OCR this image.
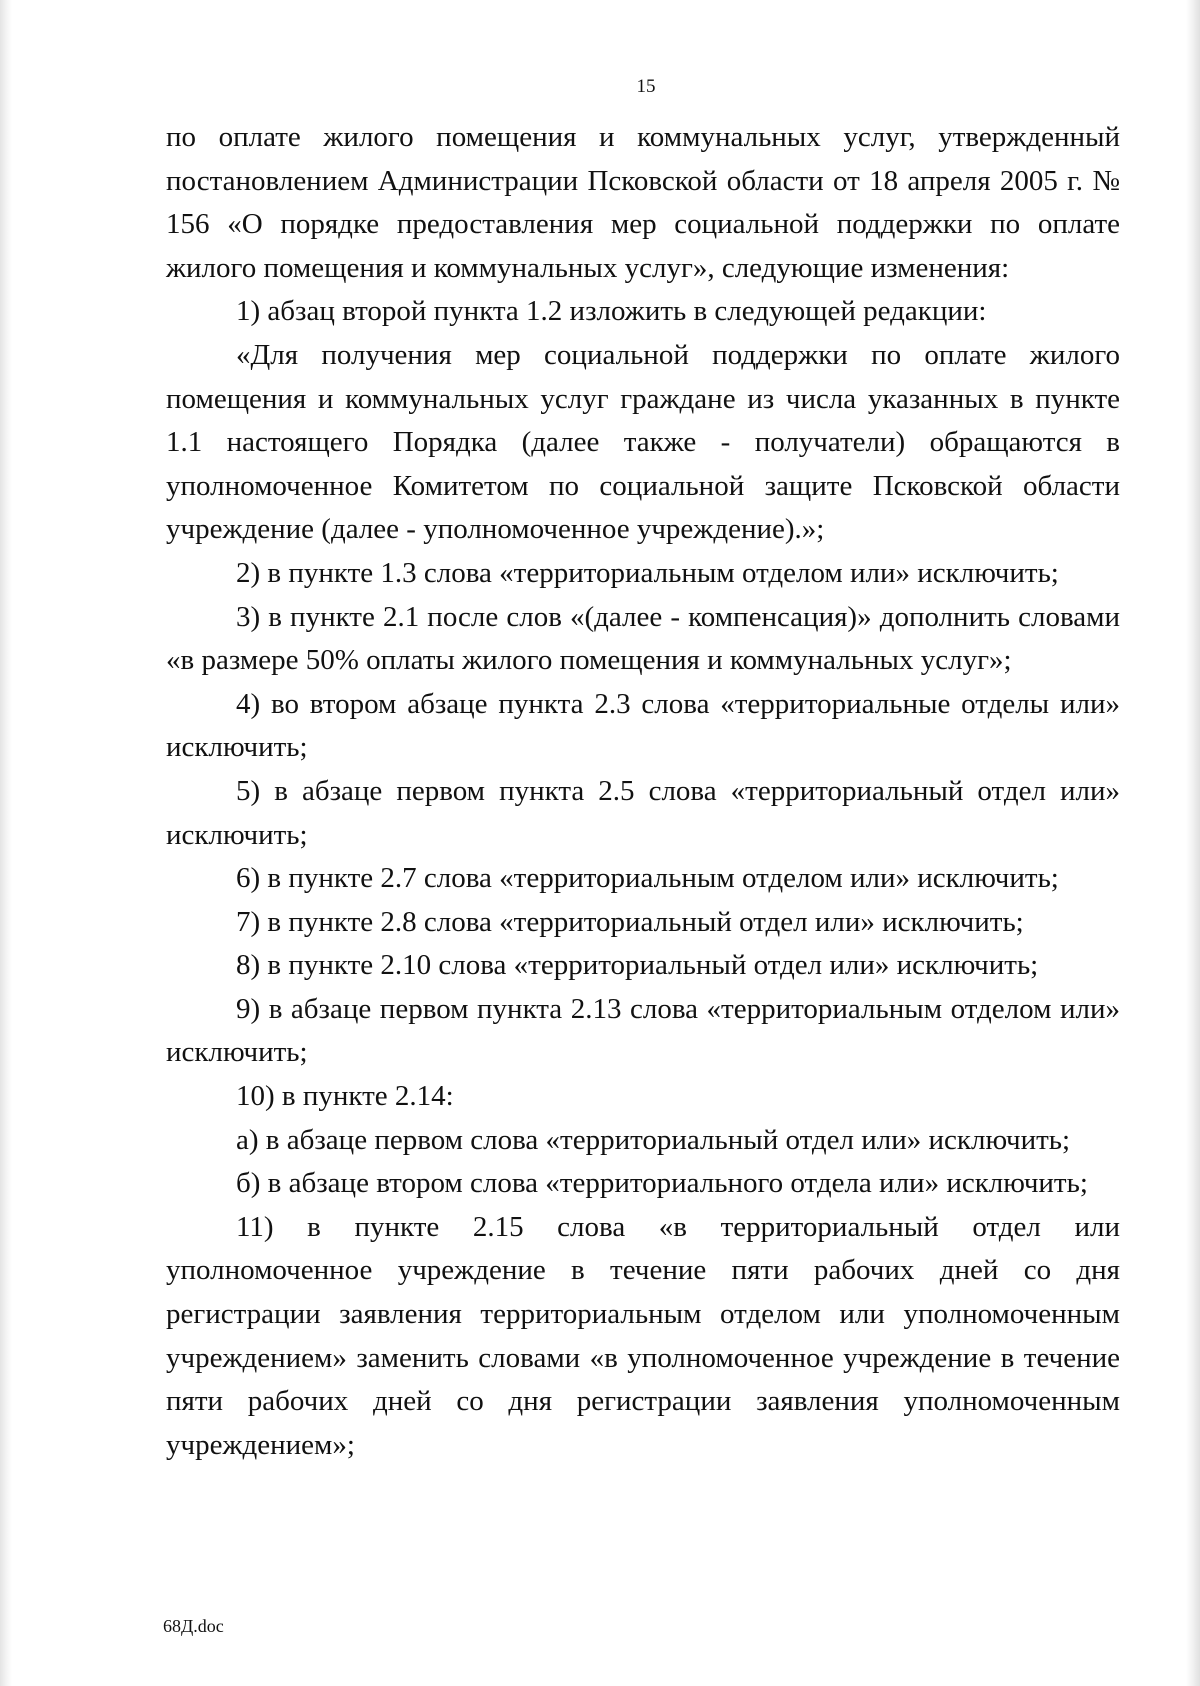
15

по оплате жилого помещения и коммунальных услуг, утвержденный постановлением Администрации Псковской области от 18 апреля 2005 г. № 156 «О порядке предоставления мер социальной поддержки по оплате жилого помещения и коммунальных услуг», следующие изменения:

1) абзац второй пункта 1.2 изложить в следующей редакции:

«Для получения мер социальной поддержки по оплате жилого помещения и коммунальных услуг граждане из числа указанных в пункте 1.1 настоящего Порядка (далее также - получатели) обращаются в уполномоченное Комитетом по социальной защите Псковской области учреждение (далее - уполномоченное учреждение).»;

2) в пункте 1.3 слова «территориальным отделом или» исключить;

3) в пункте 2.1 после слов «(далее - компенсация)» дополнить словами «в размере 50% оплаты жилого помещения и коммунальных услуг»;

4) во втором абзаце пункта 2.3 слова «территориальные отделы или» исключить;

5) в абзаце первом пункта 2.5 слова «территориальный отдел или» исключить;

6) в пункте 2.7 слова «территориальным отделом или» исключить;

7) в пункте 2.8 слова «территориальный отдел или» исключить;

8) в пункте 2.10 слова «территориальный отдел или» исключить;

9) в абзаце первом пункта 2.13 слова «территориальным отделом или» исключить;

10) в пункте 2.14:

а) в абзаце первом слова «территориальный отдел или» исключить;

б) в абзаце втором слова «территориального отдела или» исключить;

11) в пункте 2.15 слова «в территориальный отдел или уполномоченное учреждение в течение пяти рабочих дней со дня регистрации заявления территориальным отделом или уполномоченным учреждением» заменить словами «в уполномоченное учреждение в течение пяти рабочих дней со дня регистрации заявления уполномоченным учреждением»;

68Д.doc
